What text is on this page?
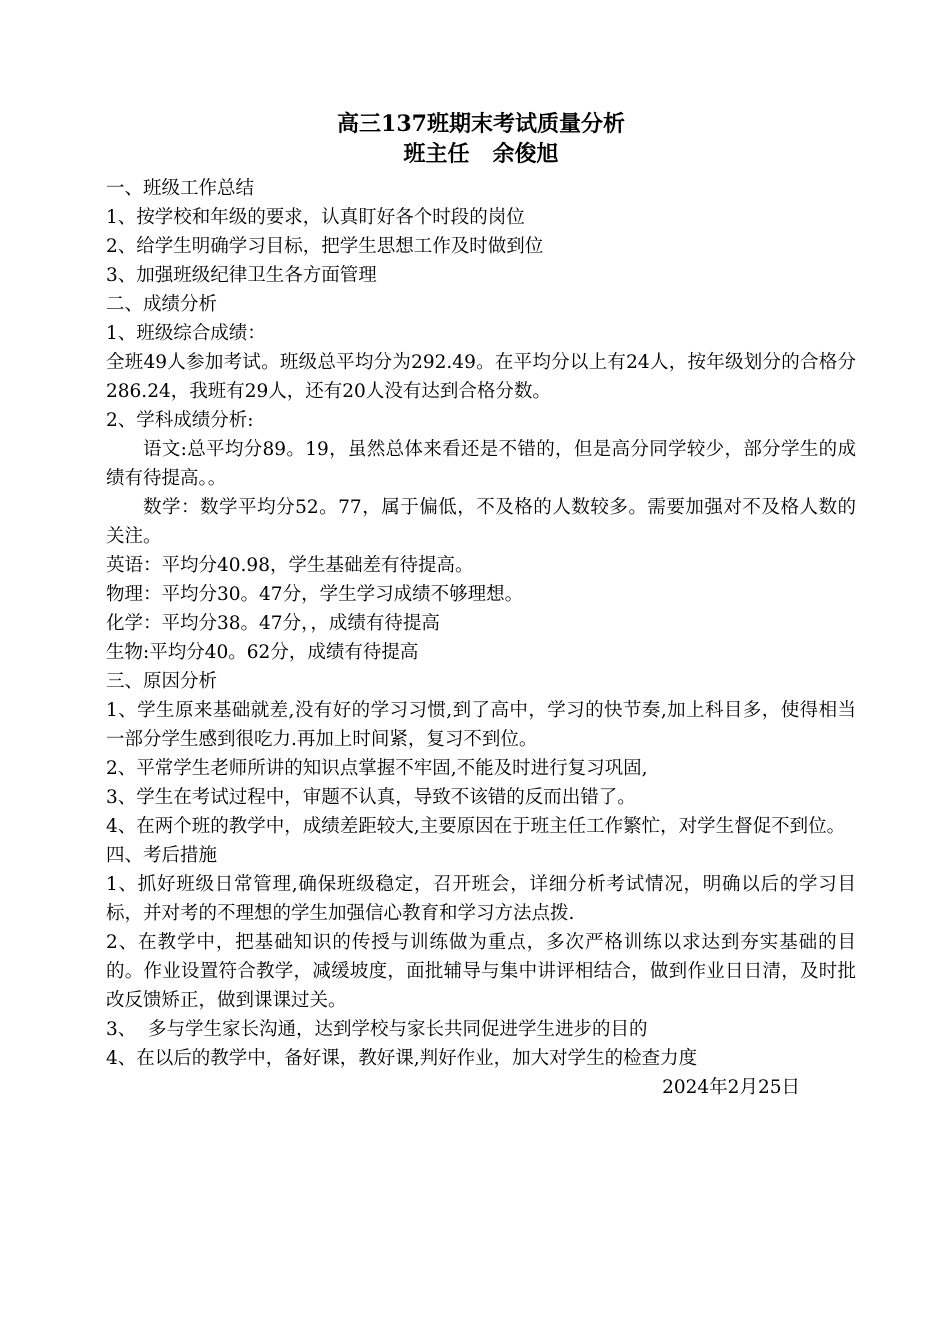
高三137班期末考试质量分析
班主任   余俊旭

一、班级工作总结

1、按学校和年级的要求，认真盯好各个时段的岗位

2、给学生明确学习目标，把学生思想工作及时做到位

3、加强班级纪律卫生各方面管理

二、成绩分析

1、班级综合成绩：

全班49人参加考试。班级总平均分为292.49。在平均分以上有24人，按年级划分的合格分286.24，我班有29人，还有20人没有达到合格分数。

2、学科成绩分析:

语文:总平均分89。19，虽然总体来看还是不错的，但是高分同学较少，部分学生的成绩有待提高。。

数学：数学平均分52。77，属于偏低，不及格的人数较多。需要加强对不及格人数的关注。

英语：平均分40.98，学生基础差有待提高。

物理：平均分30。47分，学生学习成绩不够理想。

化学：平均分38。47分，，成绩有待提高

生物:平均分40。62分，成绩有待提高

三、原因分析

1、学生原来基础就差,没有好的学习习惯,到了高中，学习的快节奏,加上科目多，使得相当一部分学生感到很吃力.再加上时间紧，复习不到位。

2、平常学生老师所讲的知识点掌握不牢固,不能及时进行复习巩固,

3、学生在考试过程中，审题不认真，导致不该错的反而出错了。

4、在两个班的教学中，成绩差距较大,主要原因在于班主任工作繁忙，对学生督促不到位。

四、考后措施

1、抓好班级日常管理,确保班级稳定，召开班会，详细分析考试情况，明确以后的学习目标，并对考的不理想的学生加强信心教育和学习方法点拨.

2、在教学中，把基础知识的传授与训练做为重点，多次严格训练以求达到夯实基础的目的。作业设置符合教学，减缓坡度，面批辅导与集中讲评相结合，做到作业日日清，及时批改反馈矫正，做到课课过关。

3、  多与学生家长沟通，达到学校与家长共同促进学生进步的目的

4、在以后的教学中，备好课，教好课,判好作业，加大对学生的检查力度

2024年2月25日
